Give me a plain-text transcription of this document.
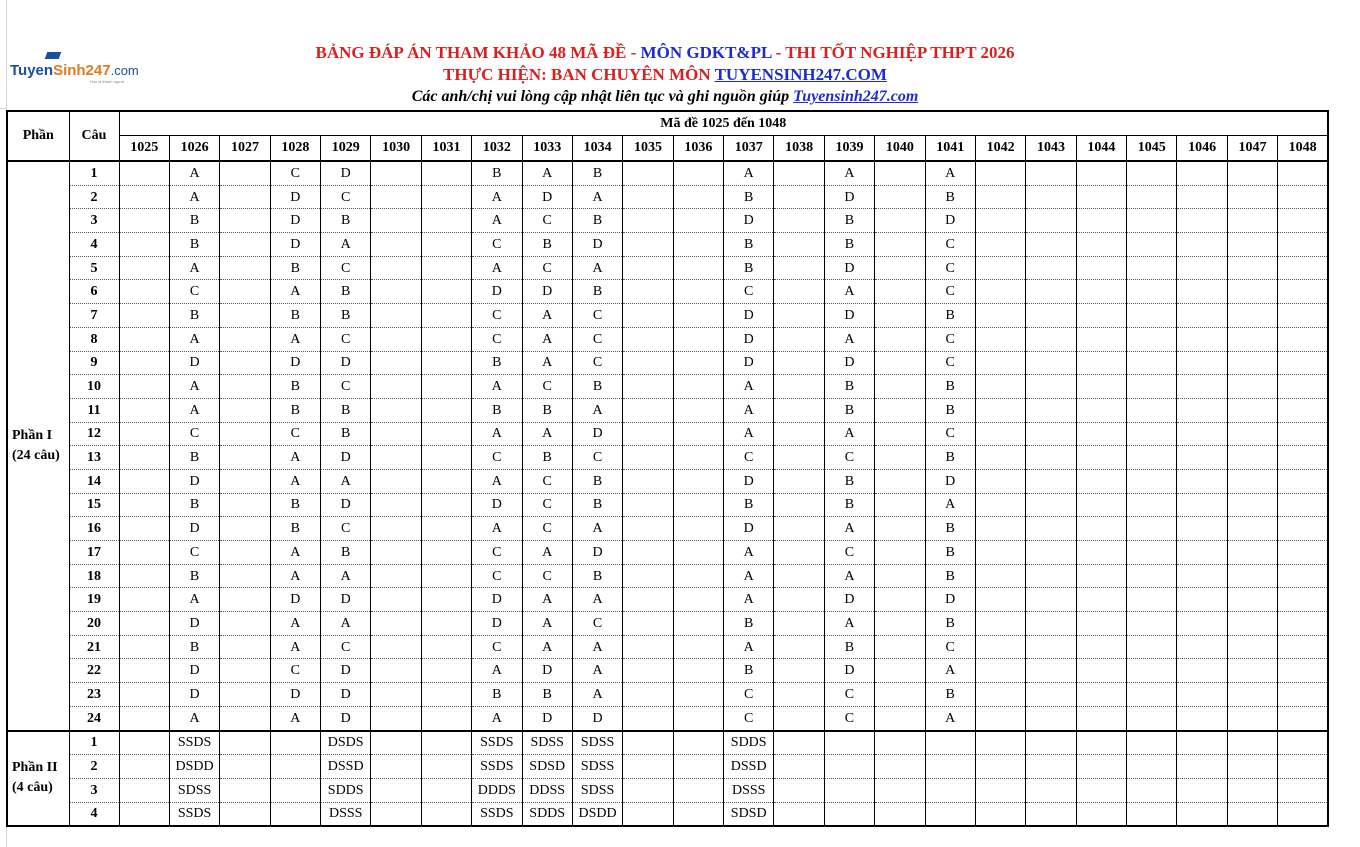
TuyenSinh247.com
Học là thành người
BẢNG ĐÁP ÁN THAM KHẢO 48 MÃ ĐỀ - MÔN GDKT&PL - THI TỐT NGHIỆP THPT 2026
THỰC HIỆN: BAN CHUYÊN MÔN TUYENSINH247.COM
Các anh/chị vui lòng cập nhật liên tục và ghi nguồn giúp Tuyensinh247.com
Phần	Câu	Mã đề 1025 đến 1048																							
		1025	1026	1027	1028	1029	1030	1031	1032	1033	1034	1035	1036	1037	1038	1039	1040	1041	1042	1043	1044	1045	1046	1047	1048
Phần I
(24 câu)	1		A		C	D			B	A	B			A		A		A							
	2		A		D	C			A	D	A			B		D		B							
	3		B		D	B			A	C	B			D		B		D							
	4		B		D	A			C	B	D			B		B		C							
	5		A		B	C			A	C	A			B		D		C							
	6		C		A	B			D	D	B			C		A		C							
	7		B		B	B			C	A	C			D		D		B							
	8		A		A	C			C	A	C			D		A		C							
	9		D		D	D			B	A	C			D		D		C							
	10		A		B	C			A	C	B			A		B		B							
	11		A		B	B			B	B	A			A		B		B							
	12		C		C	B			A	A	D			A		A		C							
	13		B		A	D			C	B	C			C		C		B							
	14		D		A	A			A	C	B			D		B		D							
	15		B		B	D			D	C	B			B		B		A							
	16		D		B	C			A	C	A			D		A		B							
	17		C		A	B			C	A	D			A		C		B							
	18		B		A	A			C	C	B			A		A		B							
	19		A		D	D			D	A	A			A		D		D							
	20		D		A	A			D	A	C			B		A		B							
	21		B		A	C			C	A	A			A		B		C							
	22		D		C	D			A	D	A			B		D		A							
	23		D		D	D			B	B	A			C		C		B							
	24		A		A	D			A	D	D			C		C		A							
Phần II
(4 câu)	1		SSDS			DSDS			SSDS	SDSS	SDSS			SDDS											
	2		DSDD			DSSD			SSDS	SDSD	SDSS			DSSD											
	3		SDSS			SDDS			DDDS	DDSS	SDSS			DSSS											
	4		SSDS			DSSS			SSDS	SDDS	DSDD			SDSD											
